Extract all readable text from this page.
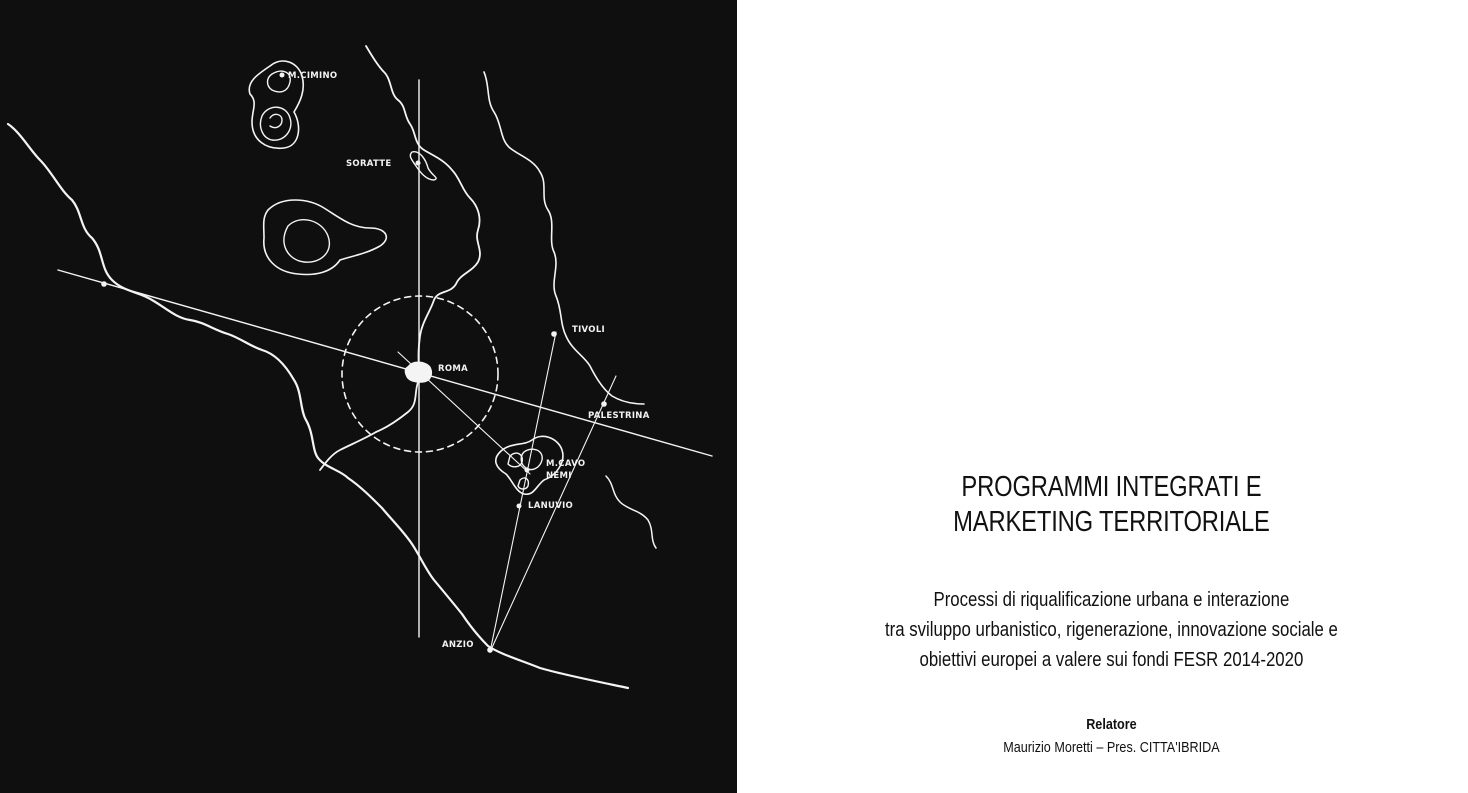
M.CIMINO
SORATTE
ROMA
TIVOLI
PALESTRINA
M.CAVO
NEMI
LANUVIO
ANZIO
PROGRAMMI INTEGRATI E
MARKETING TERRITORIALE
Processi di riqualificazione urbana e interazione
tra sviluppo urbanistico, rigenerazione, innovazione sociale e
obiettivi europei a valere sui fondi FESR 2014-2020
Relatore
Maurizio Moretti – Pres. CITTA'IBRIDA
